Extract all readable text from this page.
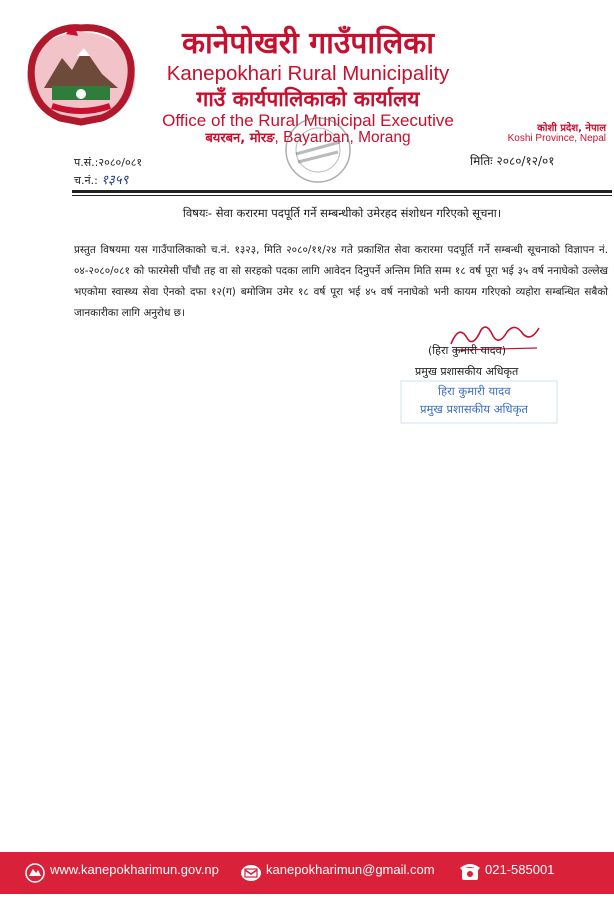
कानेपोखरी गाउँपालिका
Kanepokhari Rural Municipality
गाउँ कार्यपालिकाको कार्यालय
Office of the Rural Municipal Executive
बयरबन, मोरङ, Bayarban, Morang
कोशी प्रदेश, नेपाल
Koshi Province, Nepal
प.सं.:२०८०/०८१
च.नं.: १३५९
मितिः २०८०/१२/०१
विषयः- सेवा करारमा पदपूर्ति गर्ने सम्बन्धीको उमेरहद संशोधन गरिएको सूचना।
प्रस्तुत विषयमा यस गाउँपालिकाको च.नं. १३२३, मिति २०८०/११/२४ गते प्रकाशित सेवा करारमा पदपूर्ति गर्ने सम्बन्धी सूचनाको विज्ञापन नं. ०४-२०८०/०८१ को फारमेसी पाँचौ तह वा सो सरहको पदका लागि आवेदन दिनुपर्ने अन्तिम मिति सम्म १८ वर्ष पूरा भई ३५ वर्ष ननाघेको उल्लेख भएकोमा स्वास्थ्य सेवा ऐनको दफा १२(ग) बमोजिम उमेर १८ वर्ष पूरा भई ४५ वर्ष ननाघेको भनी कायम गरिएको व्यहोरा सम्बन्धित सबैको जानकारीका लागि अनुरोध छ।
(हिरा कुमारी यादव)
प्रमुख प्रशासकीय अधिकृत
हिरा कुमारी यादव
प्रमुख प्रशासकीय अधिकृत
www.kanepokharimun.gov.np	kanepokharimun@gmail.com	021-585001
